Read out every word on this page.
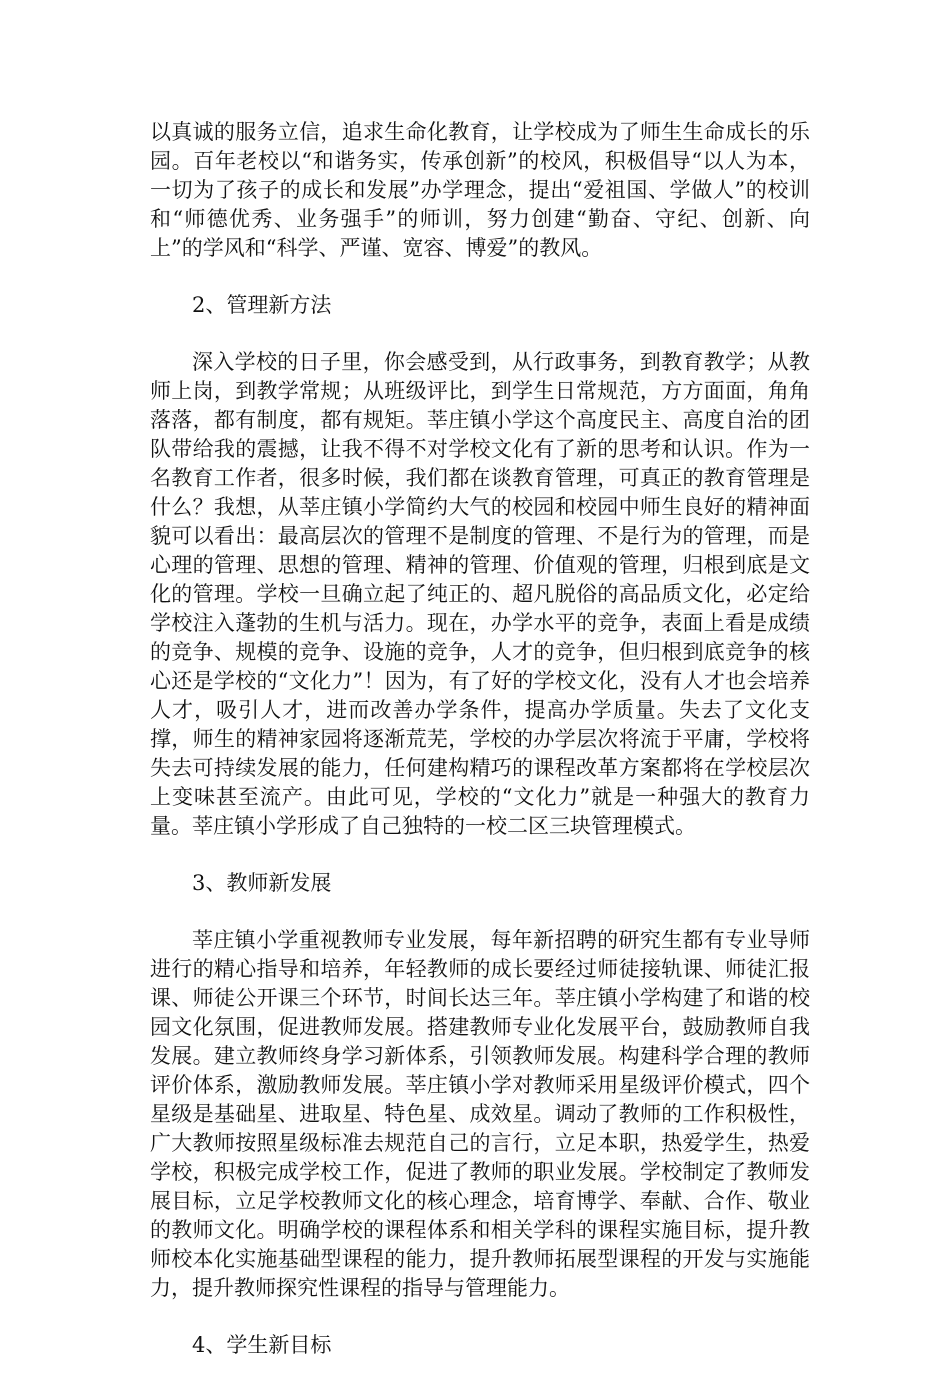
以真诚的服务立信，追求生命化教育，让学校成为了师生生命成长的乐园。百年老校以“和谐务实，传承创新”的校风，积极倡导“以人为本，一切为了孩子的成长和发展”办学理念，提出“爱祖国、学做人”的校训和“师德优秀、业务强手”的师训，努力创建“勤奋、守纪、创新、向上”的学风和“科学、严谨、宽容、博爱”的教风。

2、管理新方法

深入学校的日子里，你会感受到，从行政事务，到教育教学；从教师上岗，到教学常规；从班级评比，到学生日常规范，方方面面，角角落落，都有制度，都有规矩。莘庄镇小学这个高度民主、高度自治的团队带给我的震撼，让我不得不对学校文化有了新的思考和认识。作为一名教育工作者，很多时候，我们都在谈教育管理，可真正的教育管理是什么？我想，从莘庄镇小学简约大气的校园和校园中师生良好的精神面貌可以看出：最高层次的管理不是制度的管理、不是行为的管理，而是心理的管理、思想的管理、精神的管理、价值观的管理，归根到底是文化的管理。学校一旦确立起了纯正的、超凡脱俗的高品质文化，必定给学校注入蓬勃的生机与活力。现在，办学水平的竞争，表面上看是成绩的竞争、规模的竞争、设施的竞争，人才的竞争，但归根到底竞争的核心还是学校的“文化力”！因为，有了好的学校文化，没有人才也会培养人才，吸引人才，进而改善办学条件，提高办学质量。失去了文化支撑，师生的精神家园将逐渐荒芜，学校的办学层次将流于平庸，学校将失去可持续发展的能力，任何建构精巧的课程改革方案都将在学校层次上变味甚至流产。由此可见，学校的“文化力”就是一种强大的教育力量。莘庄镇小学形成了自己独特的一校二区三块管理模式。

3、教师新发展

莘庄镇小学重视教师专业发展，每年新招聘的研究生都有专业导师进行的精心指导和培养，年轻教师的成长要经过师徒接轨课、师徒汇报课、师徒公开课三个环节，时间长达三年。莘庄镇小学构建了和谐的校园文化氛围，促进教师发展。搭建教师专业化发展平台，鼓励教师自我发展。建立教师终身学习新体系，引领教师发展。构建科学合理的教师评价体系，激励教师发展。莘庄镇小学对教师采用星级评价模式，四个星级是基础星、进取星、特色星、成效星。调动了教师的工作积极性，广大教师按照星级标准去规范自己的言行，立足本职，热爱学生，热爱学校，积极完成学校工作，促进了教师的职业发展。学校制定了教师发展目标，立足学校教师文化的核心理念，培育博学、奉献、合作、敬业的教师文化。明确学校的课程体系和相关学科的课程实施目标，提升教师校本化实施基础型课程的能力，提升教师拓展型课程的开发与实施能力，提升教师探究性课程的指导与管理能力。

4、学生新目标
